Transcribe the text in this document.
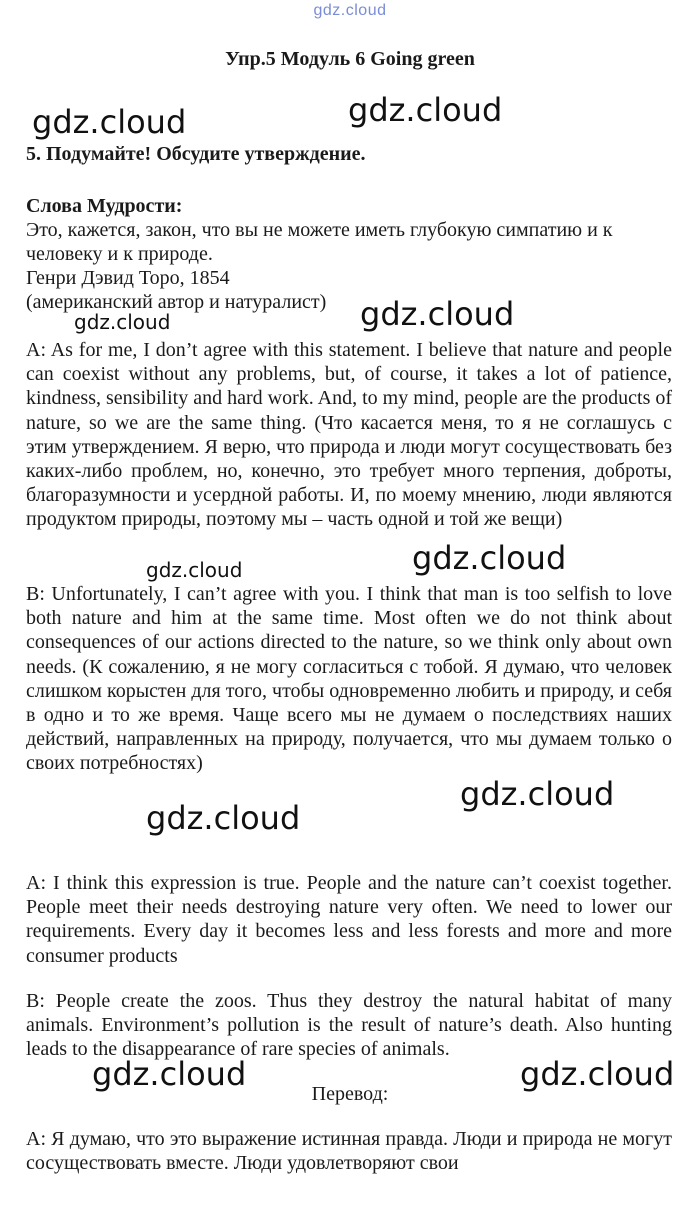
gdz.cloud
Упр.5 Модуль 6 Going green

5. Подумайте! Обсудите утверждение.

Слова Мудрости:

Это, кажется, закон, что вы не можете иметь глубокую симпатию и к человеку и к природе.

Генри Дэвид Торо, 1854

(американский автор и натуралист)

A: As for me, I don’t agree with this statement. I believe that nature and people can coexist without any problems, but, of course, it takes a lot of patience, kindness, sensibility and hard work. And, to my mind, people are the products of nature, so we are the same thing. (Что касается меня, то я не соглашусь с этим утверждением. Я верю, что природа и люди могут сосуществовать без каких-либо проблем, но, конечно, это требует много терпения, доброты, благоразумности и усердной работы. И, по моему мнению, люди являются продуктом природы, поэтому мы – часть одной и той же вещи)

B: Unfortunately, I can’t agree with you. I think that man is too selfish to love both nature and him at the same time. Most often we do not think about consequences of our actions directed to the nature, so we think only about own needs. (К сожалению, я не могу согласиться с тобой. Я думаю, что человек слишком корыстен для того, чтобы одновременно любить и природу, и себя в одно и то же время. Чаще всего мы не думаем о последствиях наших действий, направленных на природу, получается, что мы думаем только о своих потребностях)

A: I think this expression is true. People and the nature can’t coexist together. People meet their needs destroying nature very often. We need to lower our requirements. Every day it becomes less and less forests and more and more consumer products

B: People create the zoos. Thus they destroy the natural habitat of many animals. Environment’s pollution is the result of nature’s death. Also hunting leads to the disappearance of rare species of animals.

Перевод:

A: Я думаю, что это выражение истинная правда. Люди и природа не могут сосуществовать вместе. Люди удовлетворяют свои

gdz.cloud	gdz.cloud
gdz.cloud	gdz.cloud
gdz.cloud	gdz.cloud
gdz.cloud
gdz.cloud
gdz.cloud	gdz.cloud
